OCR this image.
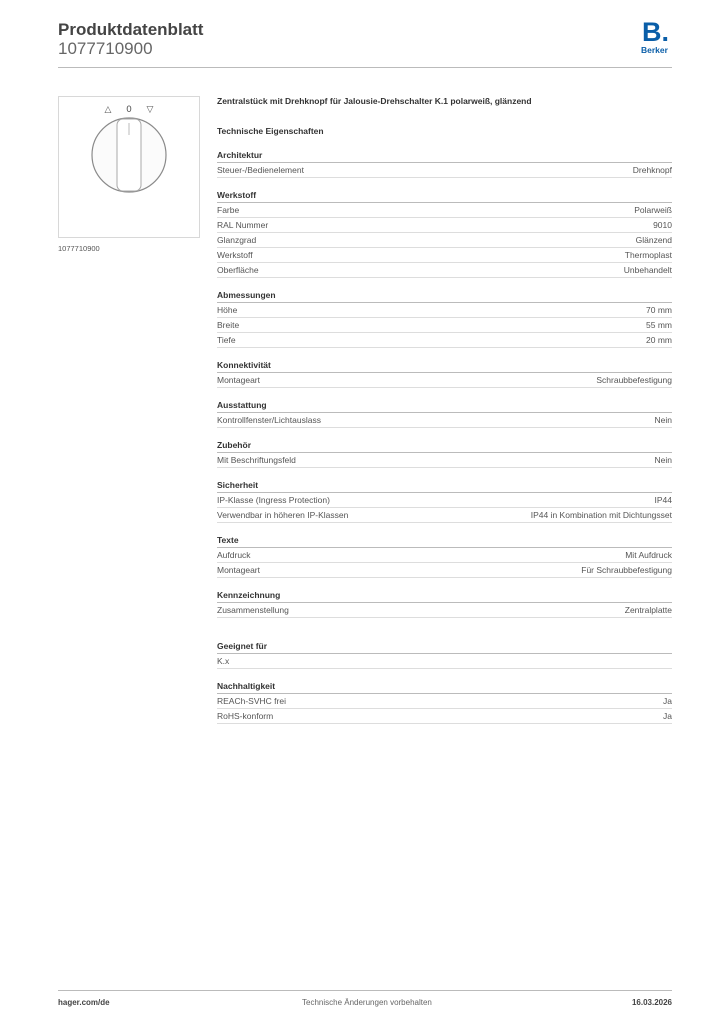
Produktdatenblatt
1077710900
B.
Berker
△ 0 ▽
1077710900
Zentralstück mit Drehknopf für Jalousie-Drehschalter K.1 polarweiß, glänzend
Technische Eigenschaften
Architektur
Steuer-/Bedienelement	Drehknopf
Werkstoff
Farbe	Polarweiß
RAL Nummer	9010
Glanzgrad	Glänzend
Werkstoff	Thermoplast
Oberfläche	Unbehandelt
Abmessungen
Höhe	70 mm
Breite	55 mm
Tiefe	20 mm
Konnektivität
Montageart	Schraubbefestigung
Ausstattung
Kontrollfenster/Lichtauslass	Nein
Zubehör
Mit Beschriftungsfeld	Nein
Sicherheit
IP-Klasse (Ingress Protection)	IP44
Verwendbar in höheren IP-Klassen	IP44 in Kombination mit Dichtungsset
Texte
Aufdruck	Mit Aufdruck
Montageart	Für Schraubbefestigung
Kennzeichnung
Zusammenstellung	Zentralplatte
Geeignet für
K.x
Nachhaltigkeit
REACh-SVHC frei	Ja
RoHS-konform	Ja
hager.com/de	Technische Änderungen vorbehalten	16.03.2026
